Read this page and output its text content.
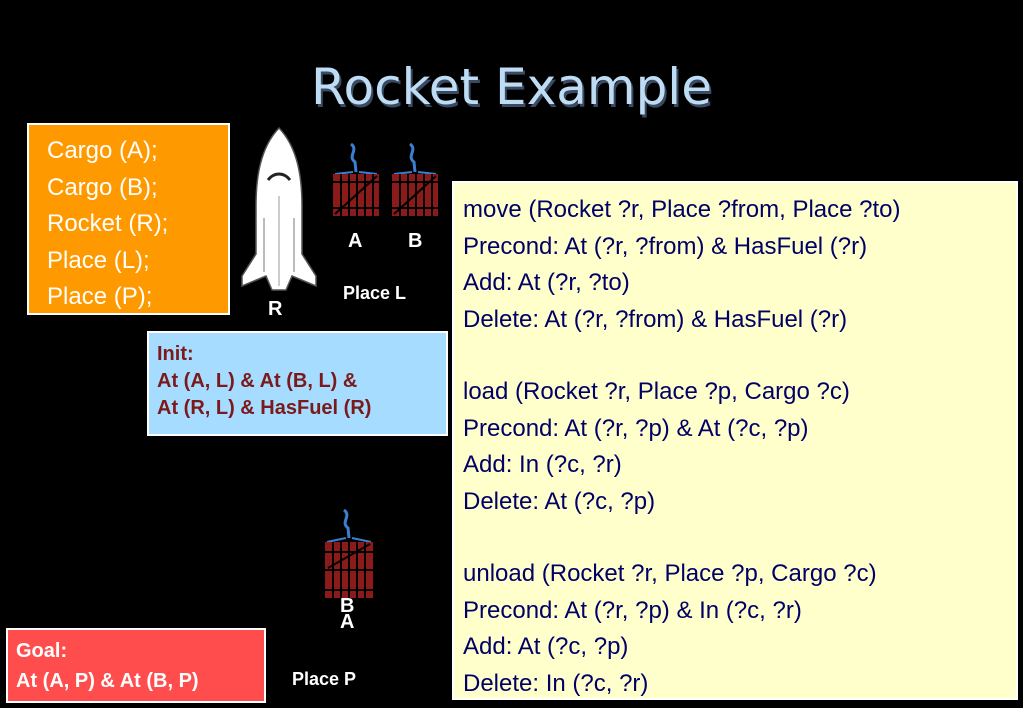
Rocket Example
Cargo (A);
Cargo (B);
Rocket (R);
Place (L);
Place (P);	R
A B
Place L
Init:
At (A, L) & At (B, L) &
At (R, L) & HasFuel (R)
B
A
Place P
Goal:
At (A, P) & At (B, P)
move (Rocket ?r, Place ?from, Place ?to)
Precond: At (?r, ?from) & HasFuel (?r)
Add: At (?r, ?to)
Delete: At (?r, ?from) & HasFuel (?r)
load (Rocket ?r, Place ?p, Cargo ?c)
Precond: At (?r, ?p) & At (?c, ?p)
Add: In (?c, ?r)
Delete: At (?c, ?p)
unload (Rocket ?r, Place ?p, Cargo ?c)
Precond: At (?r, ?p) & In (?c, ?r)
Add: At (?c, ?p)
Delete: In (?c, ?r)
